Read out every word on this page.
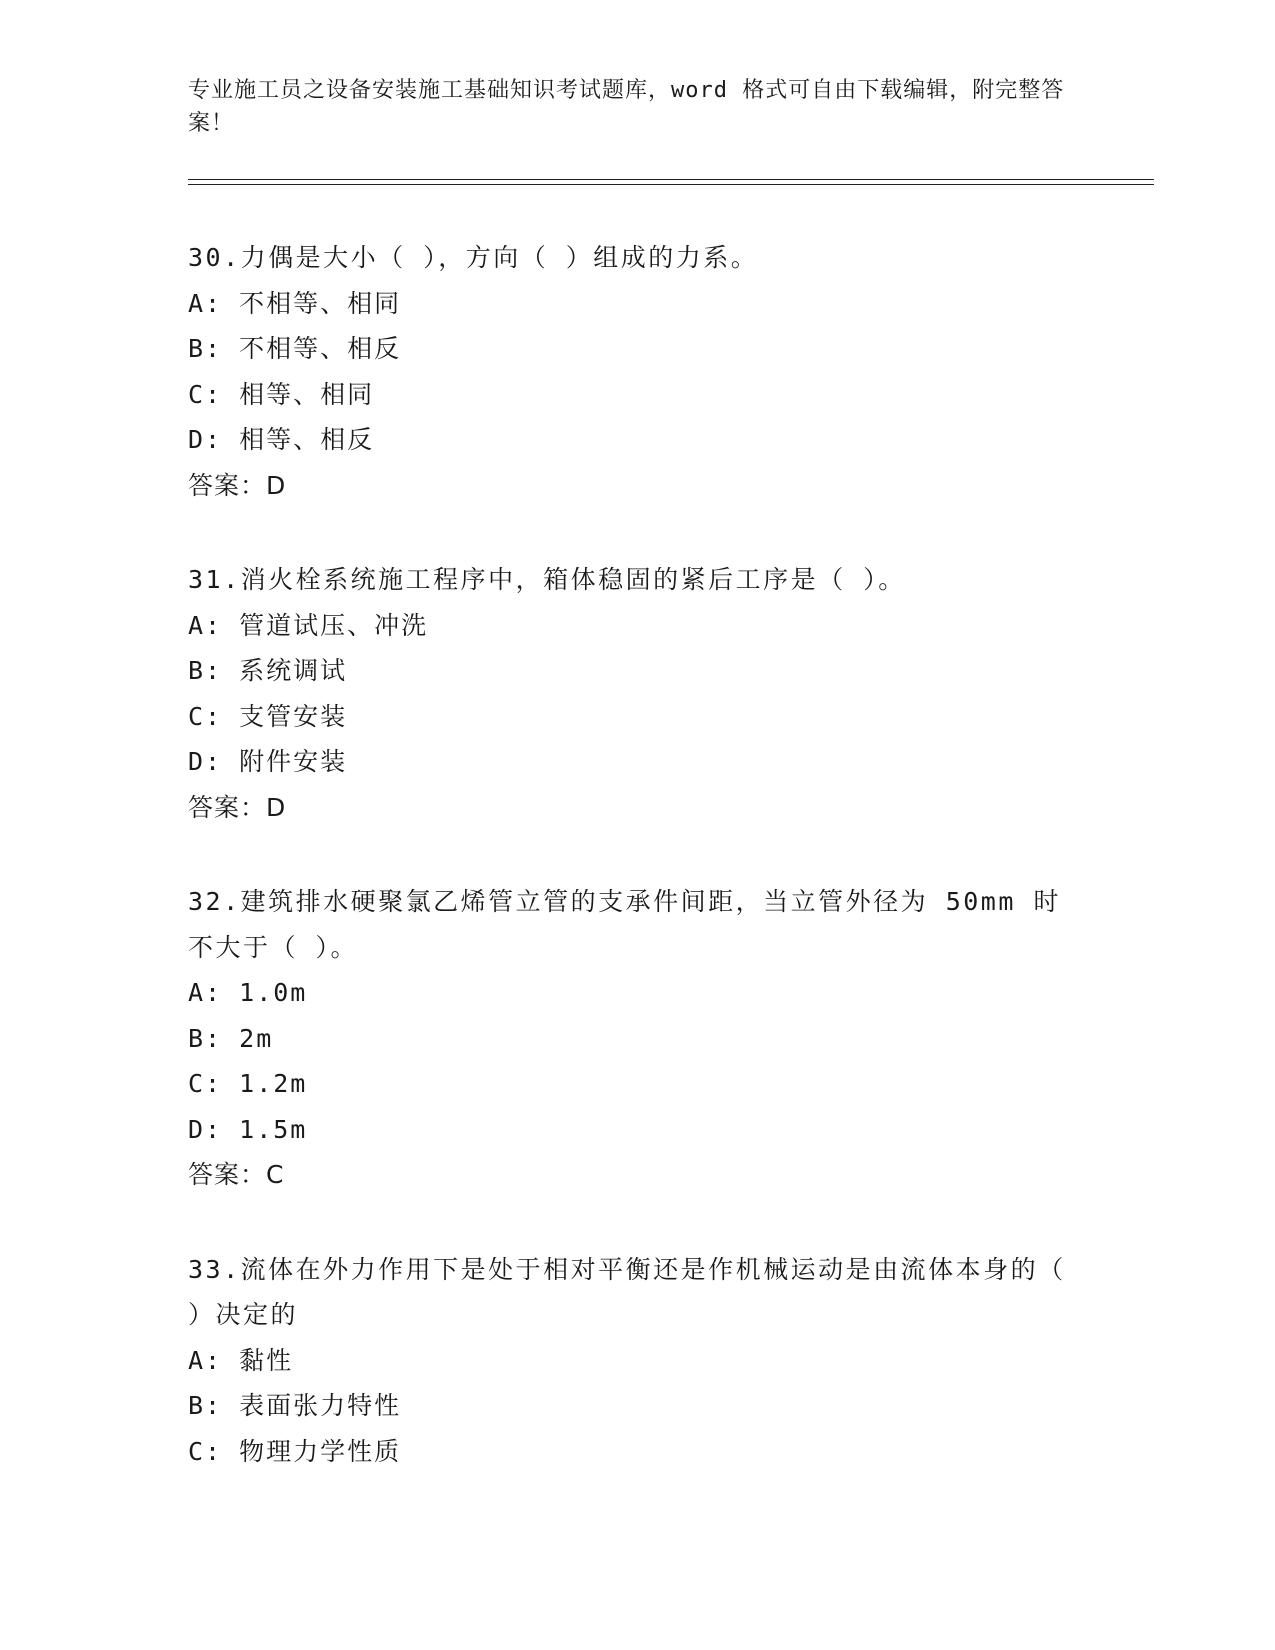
专业施工员之设备安装施工基础知识考试题库，word 格式可自由下载编辑，附完整答案！
30.力偶是大小（ ），方向（ ）组成的力系。
A: 不相等、相同
B: 不相等、相反
C: 相等、相同
D: 相等、相反
答案：D
31.消火栓系统施工程序中，箱体稳固的紧后工序是（ ）。
A: 管道试压、冲洗
B: 系统调试
C: 支管安装
D: 附件安装
答案：D
32.建筑排水硬聚氯乙烯管立管的支承件间距，当立管外径为 50mm 时不大于（ ）。
A: 1.0m
B: 2m
C: 1.2m
D: 1.5m
答案：C
33.流体在外力作用下是处于相对平衡还是作机械运动是由流体本身的（ ）决定的
A: 黏性
B: 表面张力特性
C: 物理力学性质
